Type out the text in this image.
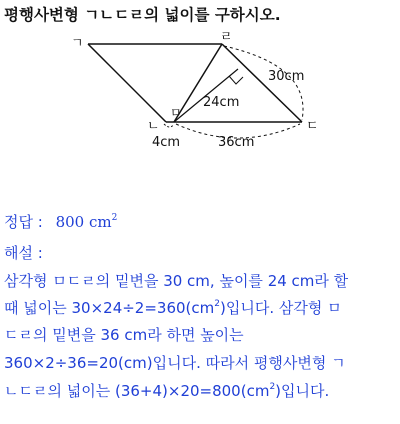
평행사변형 ㄱㄴㄷㄹ의 넓이를 구하시오.
ㄱ	ㄹ
ㅁ
ㄴ	ㄷ
30cm
24cm
4cm	36cm
정답 : 800 $cm^2$
해설 :
삼각형 ㅁㄷㄹ의 밑변을 30 cm, 높이를 24 cm라 할
때 넓이는 $30\times 24\div 2=360(cm^2)$입니다. 삼각형 ㅁ
ㄷㄹ의 밑변을 36 cm라 하면 높이는
360×2÷36=20(cm)입니다. 따라서 평행사변형 ㄱ
ㄴㄷㄹ의 넓이는 $(36+4)\times 20=800(cm^2)$입니다.
